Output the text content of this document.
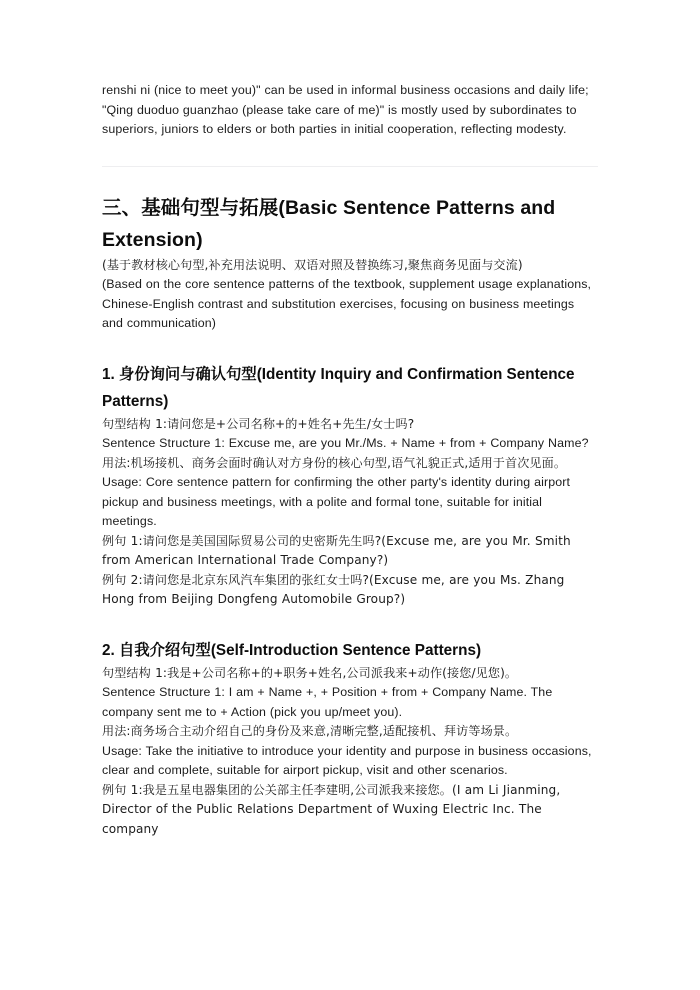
renshi ni (nice to meet you)" can be used in informal business occasions and daily life; "Qing duoduo guanzhao (please take care of me)" is mostly used by subordinates to superiors, juniors to elders or both parties in initial cooperation, reflecting modesty.

三、基础句型与拓展(Basic Sentence Patterns and Extension)

(基于教材核心句型,补充用法说明、双语对照及替换练习,聚焦商务见面与交流)

(Based on the core sentence patterns of the textbook, supplement usage explanations, Chinese-English contrast and substitution exercises, focusing on business meetings and communication)

1. 身份询问与确认句型(Identity Inquiry and Confirmation Sentence Patterns)

句型结构 1:请问您是+公司名称+的+姓名+先生/女士吗?

Sentence Structure 1: Excuse me, are you Mr./Ms. + Name + from + Company Name?

用法:机场接机、商务会面时确认对方身份的核心句型,语气礼貌正式,适用于首次见面。

Usage: Core sentence pattern for confirming the other party's identity during airport pickup and business meetings, with a polite and formal tone, suitable for initial meetings.

例句 1:请问您是美国国际贸易公司的史密斯先生吗?(Excuse me, are you Mr. Smith from American International Trade Company?)

例句 2:请问您是北京东风汽车集团的张红女士吗?(Excuse me, are you Ms. Zhang Hong from Beijing Dongfeng Automobile Group?)

2. 自我介绍句型(Self-Introduction Sentence Patterns)

句型结构 1:我是+公司名称+的+职务+姓名,公司派我来+动作(接您/见您)。

Sentence Structure 1: I am + Name +, + Position + from + Company Name. The company sent me to + Action (pick you up/meet you).

用法:商务场合主动介绍自己的身份及来意,清晰完整,适配接机、拜访等场景。

Usage: Take the initiative to introduce your identity and purpose in business occasions, clear and complete, suitable for airport pickup, visit and other scenarios.

例句 1:我是五星电器集团的公关部主任李建明,公司派我来接您。(I am Li Jianming, Director of the Public Relations Department of Wuxing Electric Inc. The company
